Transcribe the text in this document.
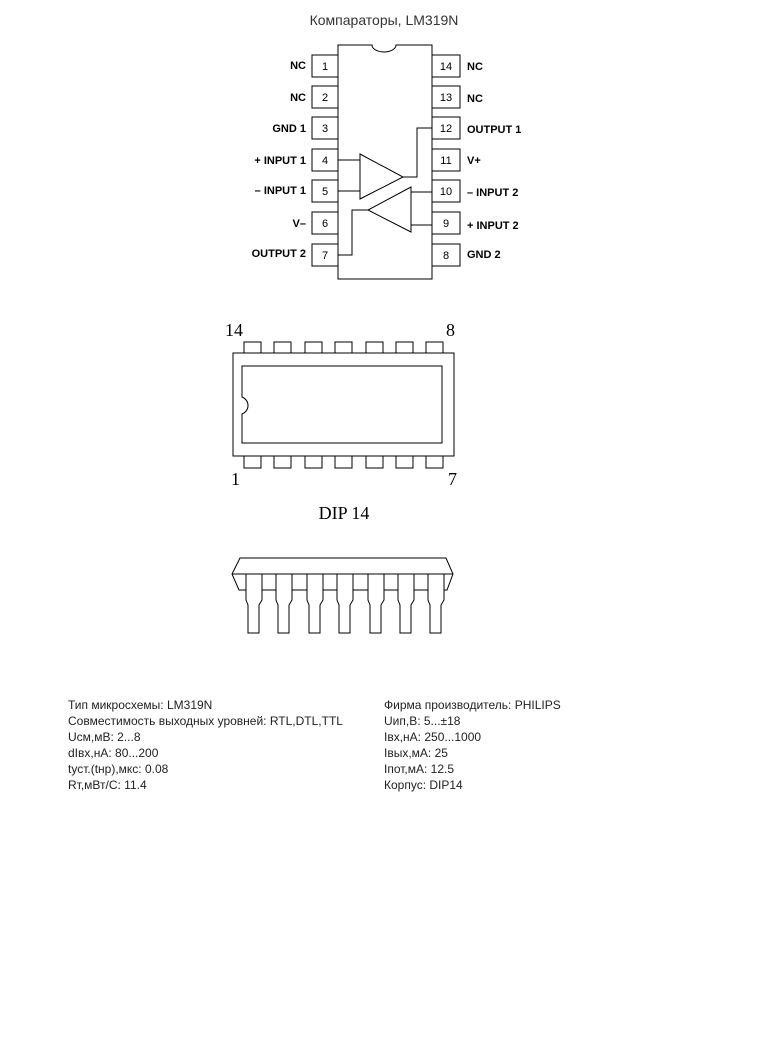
Компараторы, LM319N
1
2
3
4
5
6
7
14
13
12
11
10
9
8
NC
NC
GND 1
+ INPUT 1
– INPUT 1
V–
OUTPUT 2
NC
NC
OUTPUT 1
V+
– INPUT 2
+ INPUT 2
GND 2
14	8
1	7
DIP 14
Тип микросхемы: LM319N
Совместимость выходных уровней: RTL,DTL,TTL
Uсм,мВ: 2...8
dIвх,нА: 80...200
tуст.(tнр),мкс: 0.08
Rт,мВт/С: 11.4
Фирма производитель: PHILIPS
Uип,В: 5...±18
Iвх,нА: 250...1000
Iвых,мА: 25
Iпот,мА: 12.5
Корпус: DIP14
